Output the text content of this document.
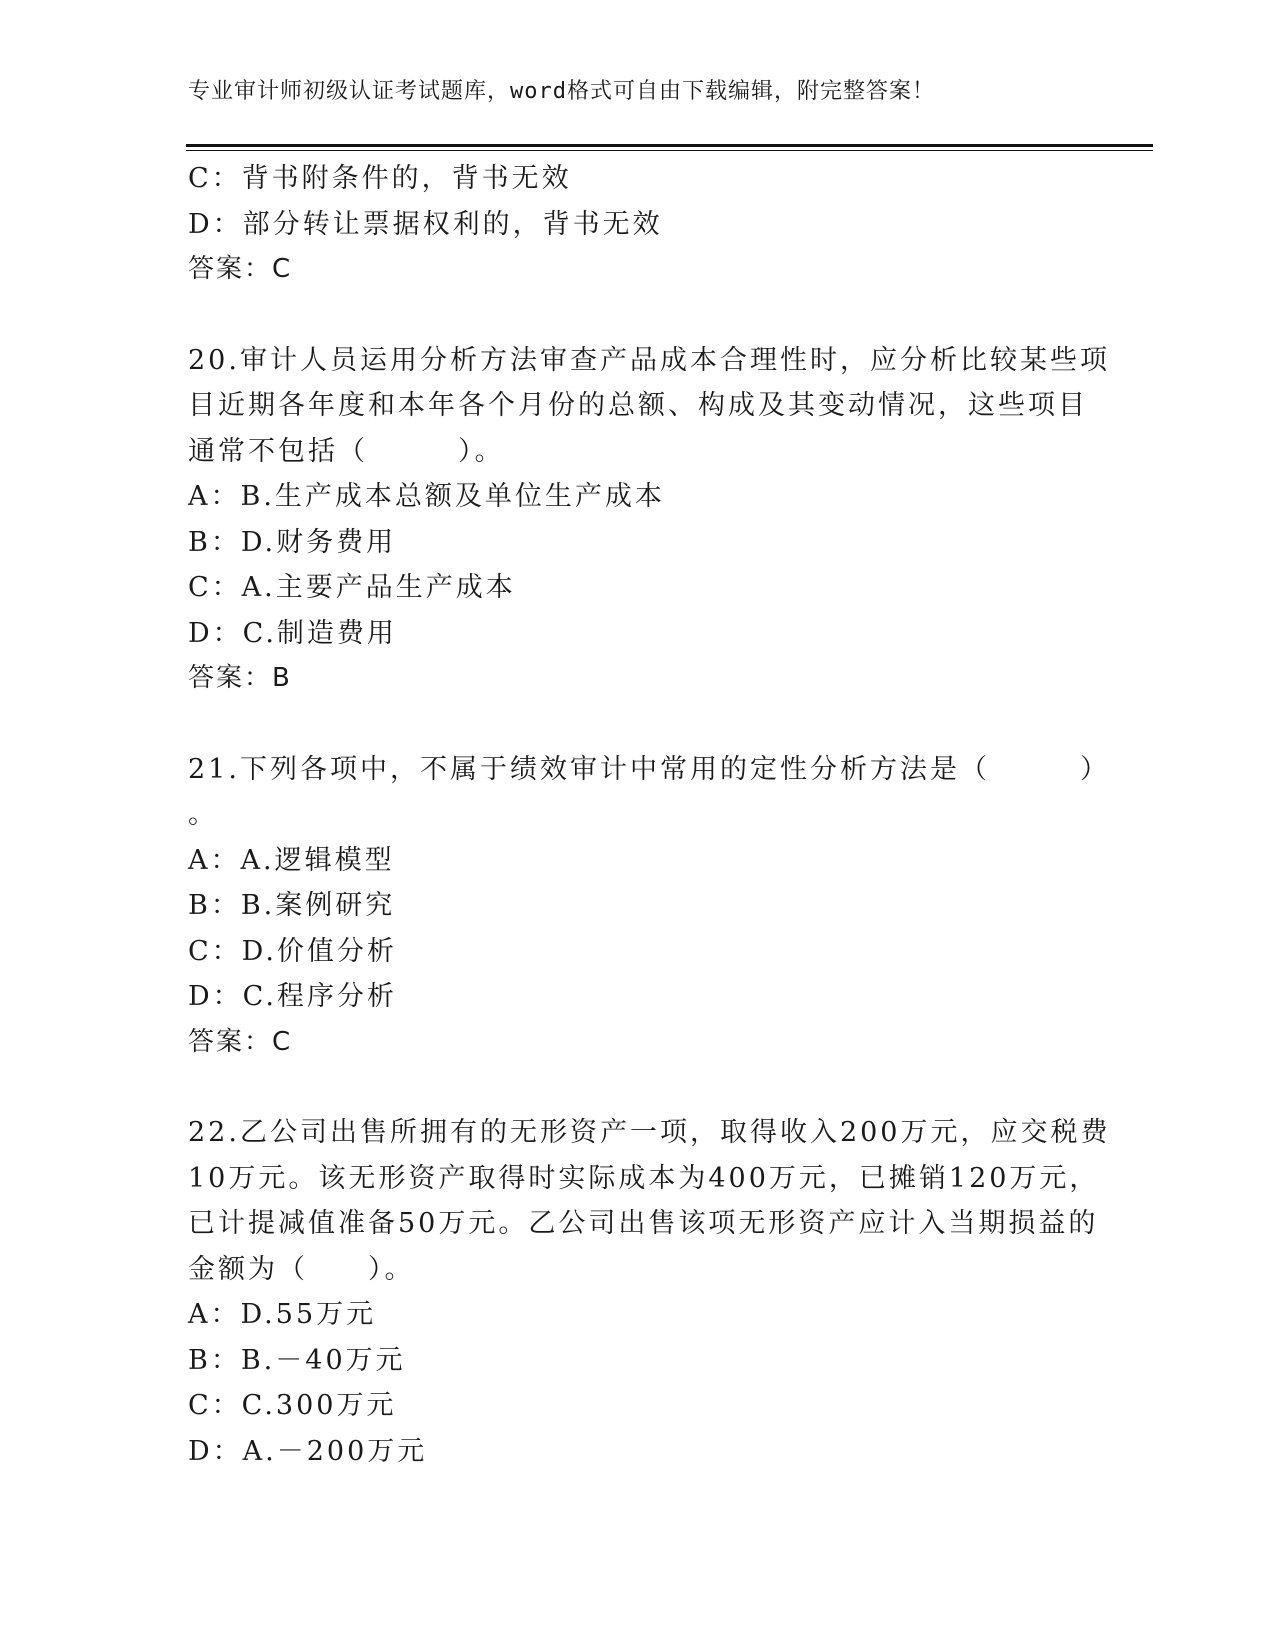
专业审计师初级认证考试题库，word格式可自由下载编辑，附完整答案！
C：背书附条件的，背书无效
D：部分转让票据权利的，背书无效
答案：C
20.审计人员运用分析方法审查产品成本合理性时，应分析比较某些项
目近期各年度和本年各个月份的总额、构成及其变动情况，这些项目
通常不包括（　　　）。
A：B.生产成本总额及单位生产成本
B：D.财务费用
C：A.主要产品生产成本
D：C.制造费用
答案：B
21.下列各项中，不属于绩效审计中常用的定性分析方法是（　　　）
。
A：A.逻辑模型
B：B.案例研究
C：D.价值分析
D：C.程序分析
答案：C
22.乙公司出售所拥有的无形资产一项，取得收入200万元，应交税费
10万元。该无形资产取得时实际成本为400万元，已摊销120万元，
已计提减值准备50万元。乙公司出售该项无形资产应计入当期损益的
金额为（　　）。
A：D.55万元
B：B.－40万元
C：C.300万元
D：A.－200万元
